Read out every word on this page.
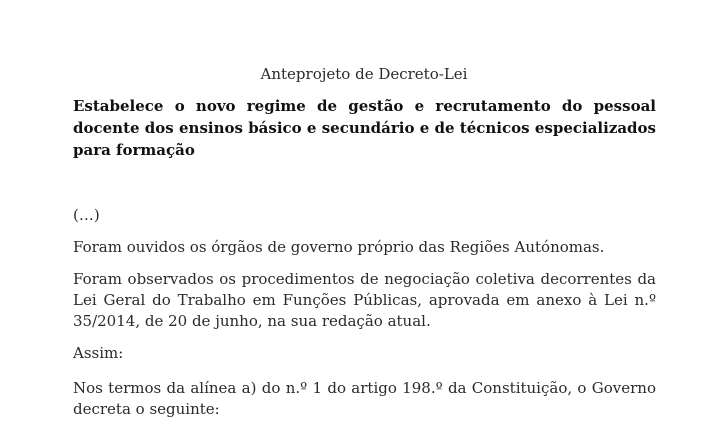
Anteprojeto de Decreto-Lei

Estabelece o novo regime de gestão e recrutamento do pessoal docente dos ensinos básico e secundário e de técnicos especializados para formação

(…)

Foram ouvidos os órgãos de governo próprio das Regiões Autónomas.

Foram observados os procedimentos de negociação coletiva decorrentes da Lei Geral do Trabalho em Funções Públicas, aprovada em anexo à Lei n.º 35/2014, de 20 de junho, na sua redação atual.

Assim:

Nos termos da alínea a) do n.º 1 do artigo 198.º da Constituição, o Governo decreta o seguinte:
